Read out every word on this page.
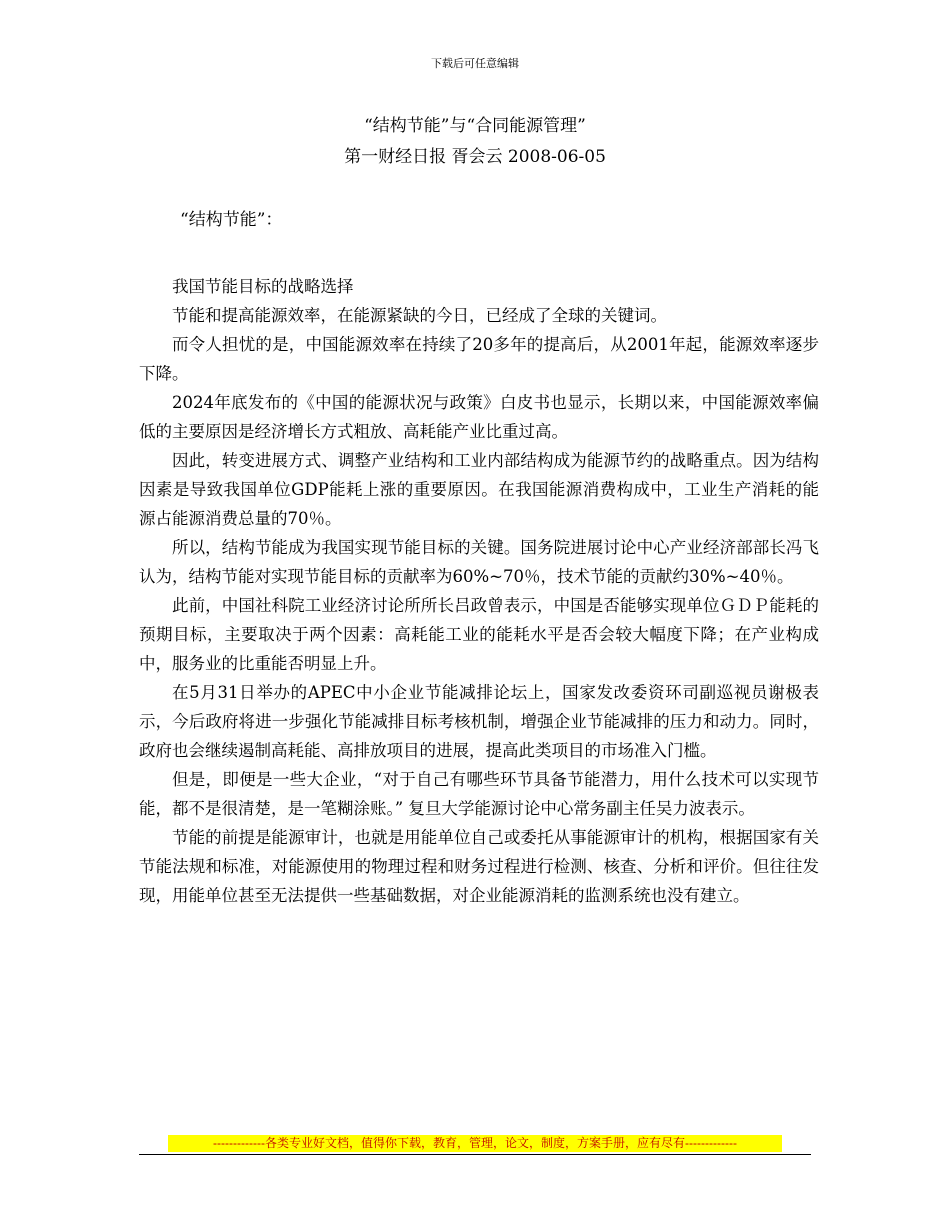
下载后可任意编辑
“结构节能”与“合同能源管理”
第一财经日报 胥会云 2008-06-05
“结构节能”：

我国节能目标的战略选择

节能和提高能源效率，在能源紧缺的今日，已经成了全球的关键词。

而令人担忧的是，中国能源效率在持续了20多年的提高后，从2001年起，能源效率逐步下降。

2024年底发布的《中国的能源状况与政策》白皮书也显示，长期以来，中国能源效率偏低的主要原因是经济增长方式粗放、高耗能产业比重过高。

因此，转变进展方式、调整产业结构和工业内部结构成为能源节约的战略重点。因为结构因素是导致我国单位GDP能耗上涨的重要原因。在我国能源消费构成中，工业生产消耗的能源占能源消费总量的70％。

所以，结构节能成为我国实现节能目标的关键。国务院进展讨论中心产业经济部部长冯飞认为，结构节能对实现节能目标的贡献率为60%~70％，技术节能的贡献约30%~40％。

此前，中国社科院工业经济讨论所所长吕政曾表示，中国是否能够实现单位ＧＤＰ能耗的预期目标，主要取决于两个因素：高耗能工业的能耗水平是否会较大幅度下降；在产业构成中，服务业的比重能否明显上升。

在5月31日举办的APEC中小企业节能减排论坛上，国家发改委资环司副巡视员谢极表示，今后政府将进一步强化节能减排目标考核机制，增强企业节能减排的压力和动力。同时，政府也会继续遏制高耗能、高排放项目的进展，提高此类项目的市场准入门槛。

但是，即便是一些大企业，“对于自己有哪些环节具备节能潜力，用什么技术可以实现节能，都不是很清楚，是一笔糊涂账。” 复旦大学能源讨论中心常务副主任吴力波表示。

节能的前提是能源审计，也就是用能单位自己或委托从事能源审计的机构，根据国家有关节能法规和标准，对能源使用的物理过程和财务过程进行检测、核查、分析和评价。但往往发现，用能单位甚至无法提供一些基础数据，对企业能源消耗的监测系统也没有建立。

-------------各类专业好文档，值得你下载，教育，管理，论文，制度，方案手册，应有尽有-------------
